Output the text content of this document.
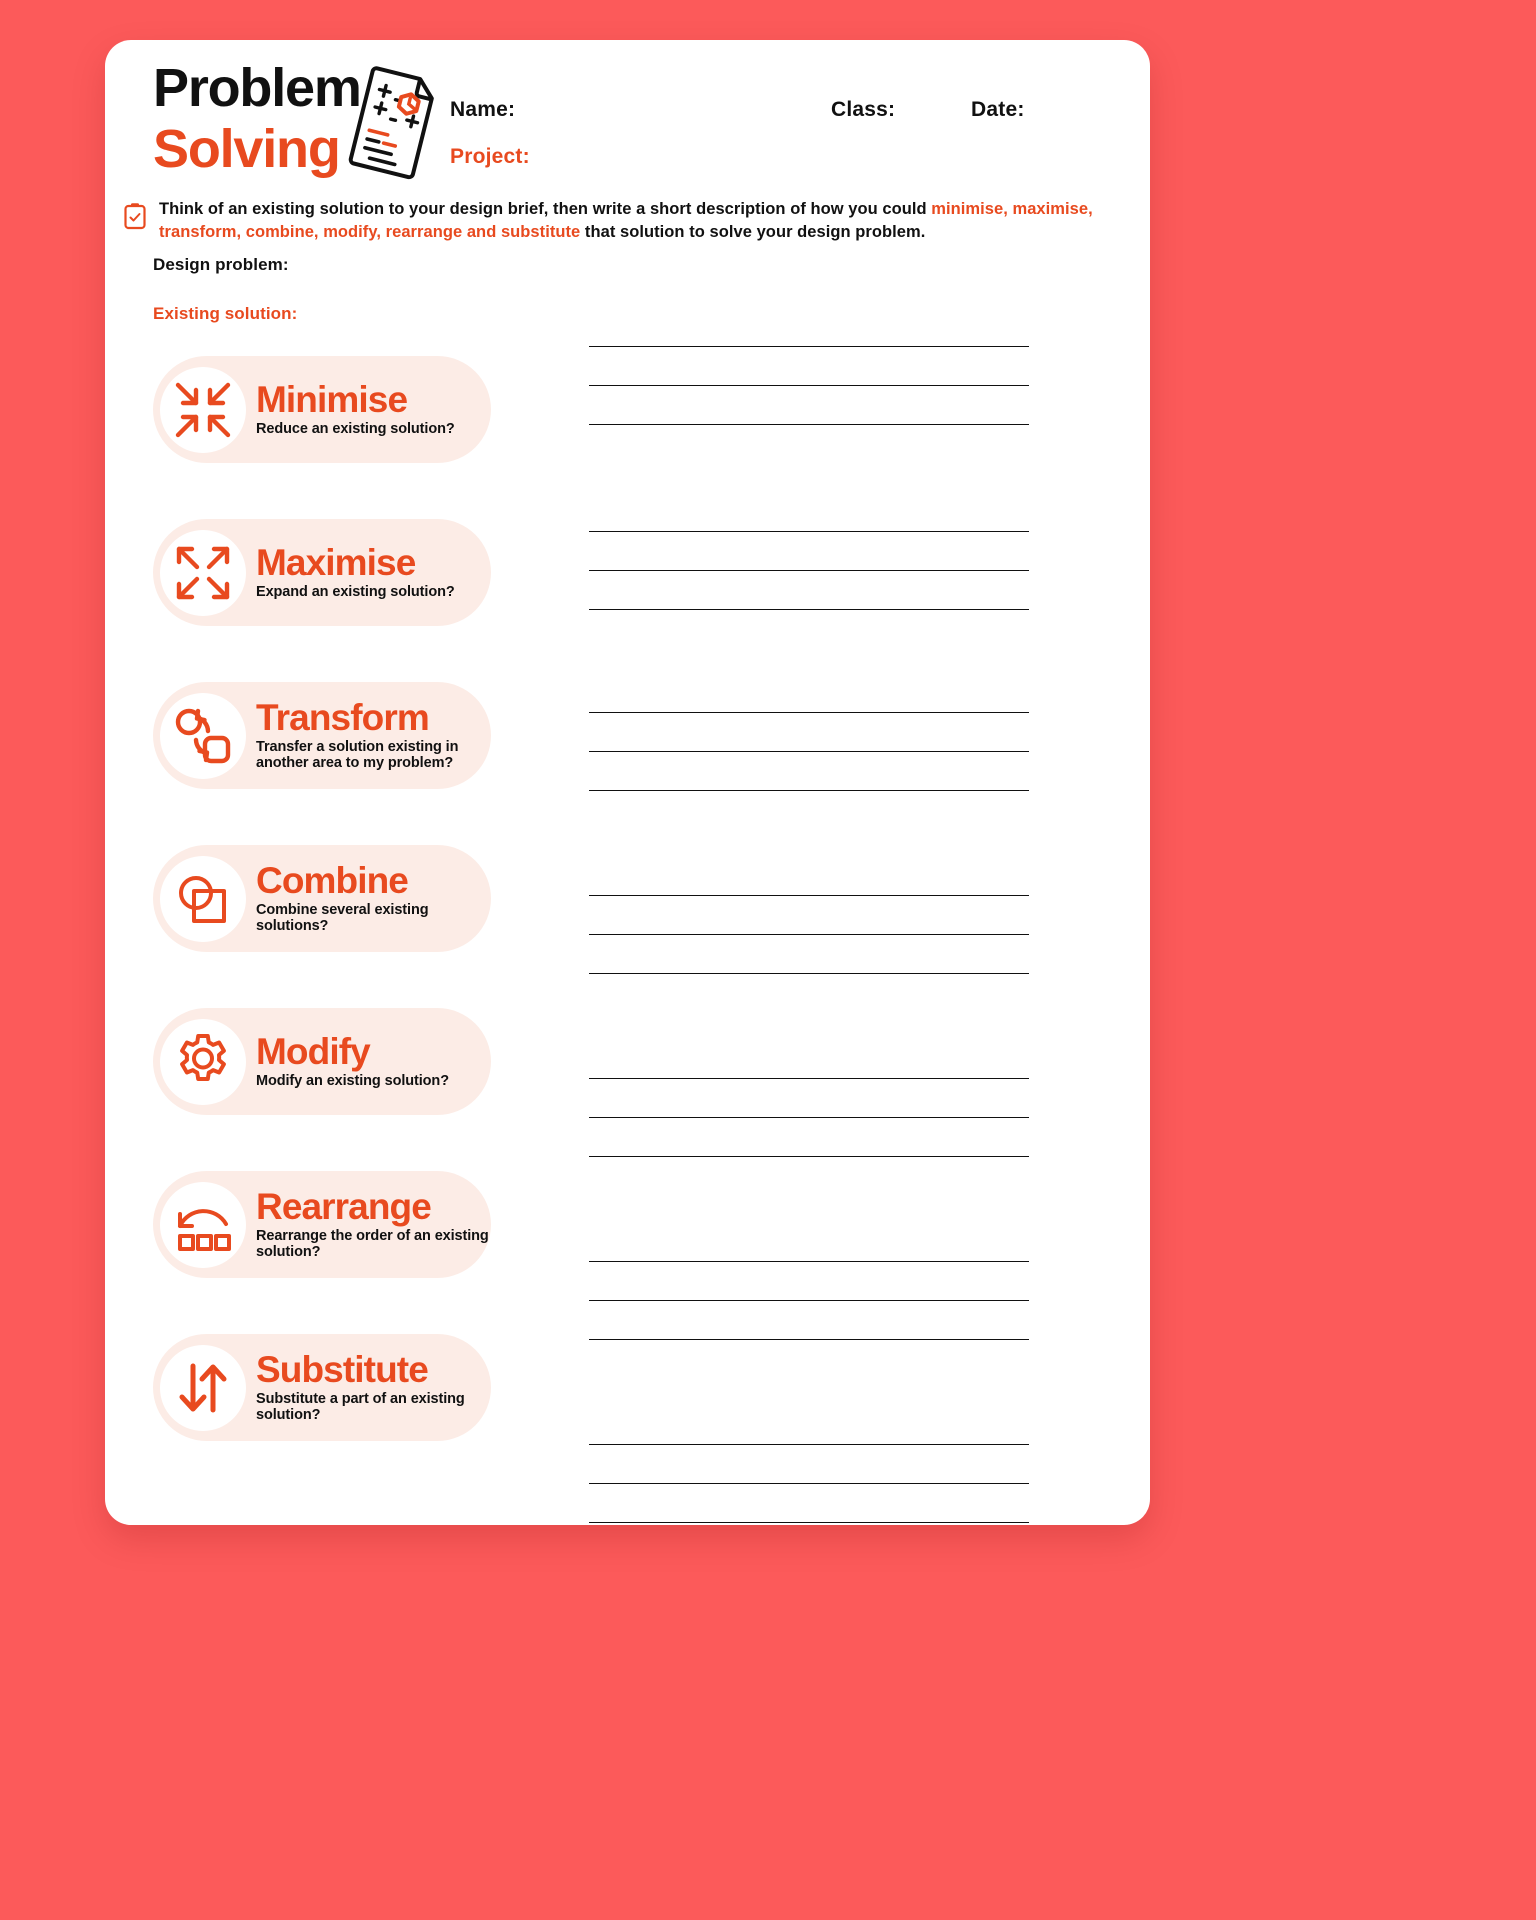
Problem
Solving
Name:
Project:
Class:	Date:
Think of an existing solution to your design brief, then write a short description of how you could minimise, maximise, transform, combine, modify, rearrange and substitute that solution to solve your design problem.
Design problem:
Existing solution:
Minimise
Reduce an existing solution?
Maximise
Expand an existing solution?
Transform
Transfer a solution existing in another area to my problem?
Combine
Combine several existing solutions?
Modify
Modify an existing solution?
Rearrange
Rearrange the order of an existing solution?
Substitute
Substitute a part of an existing solution?
